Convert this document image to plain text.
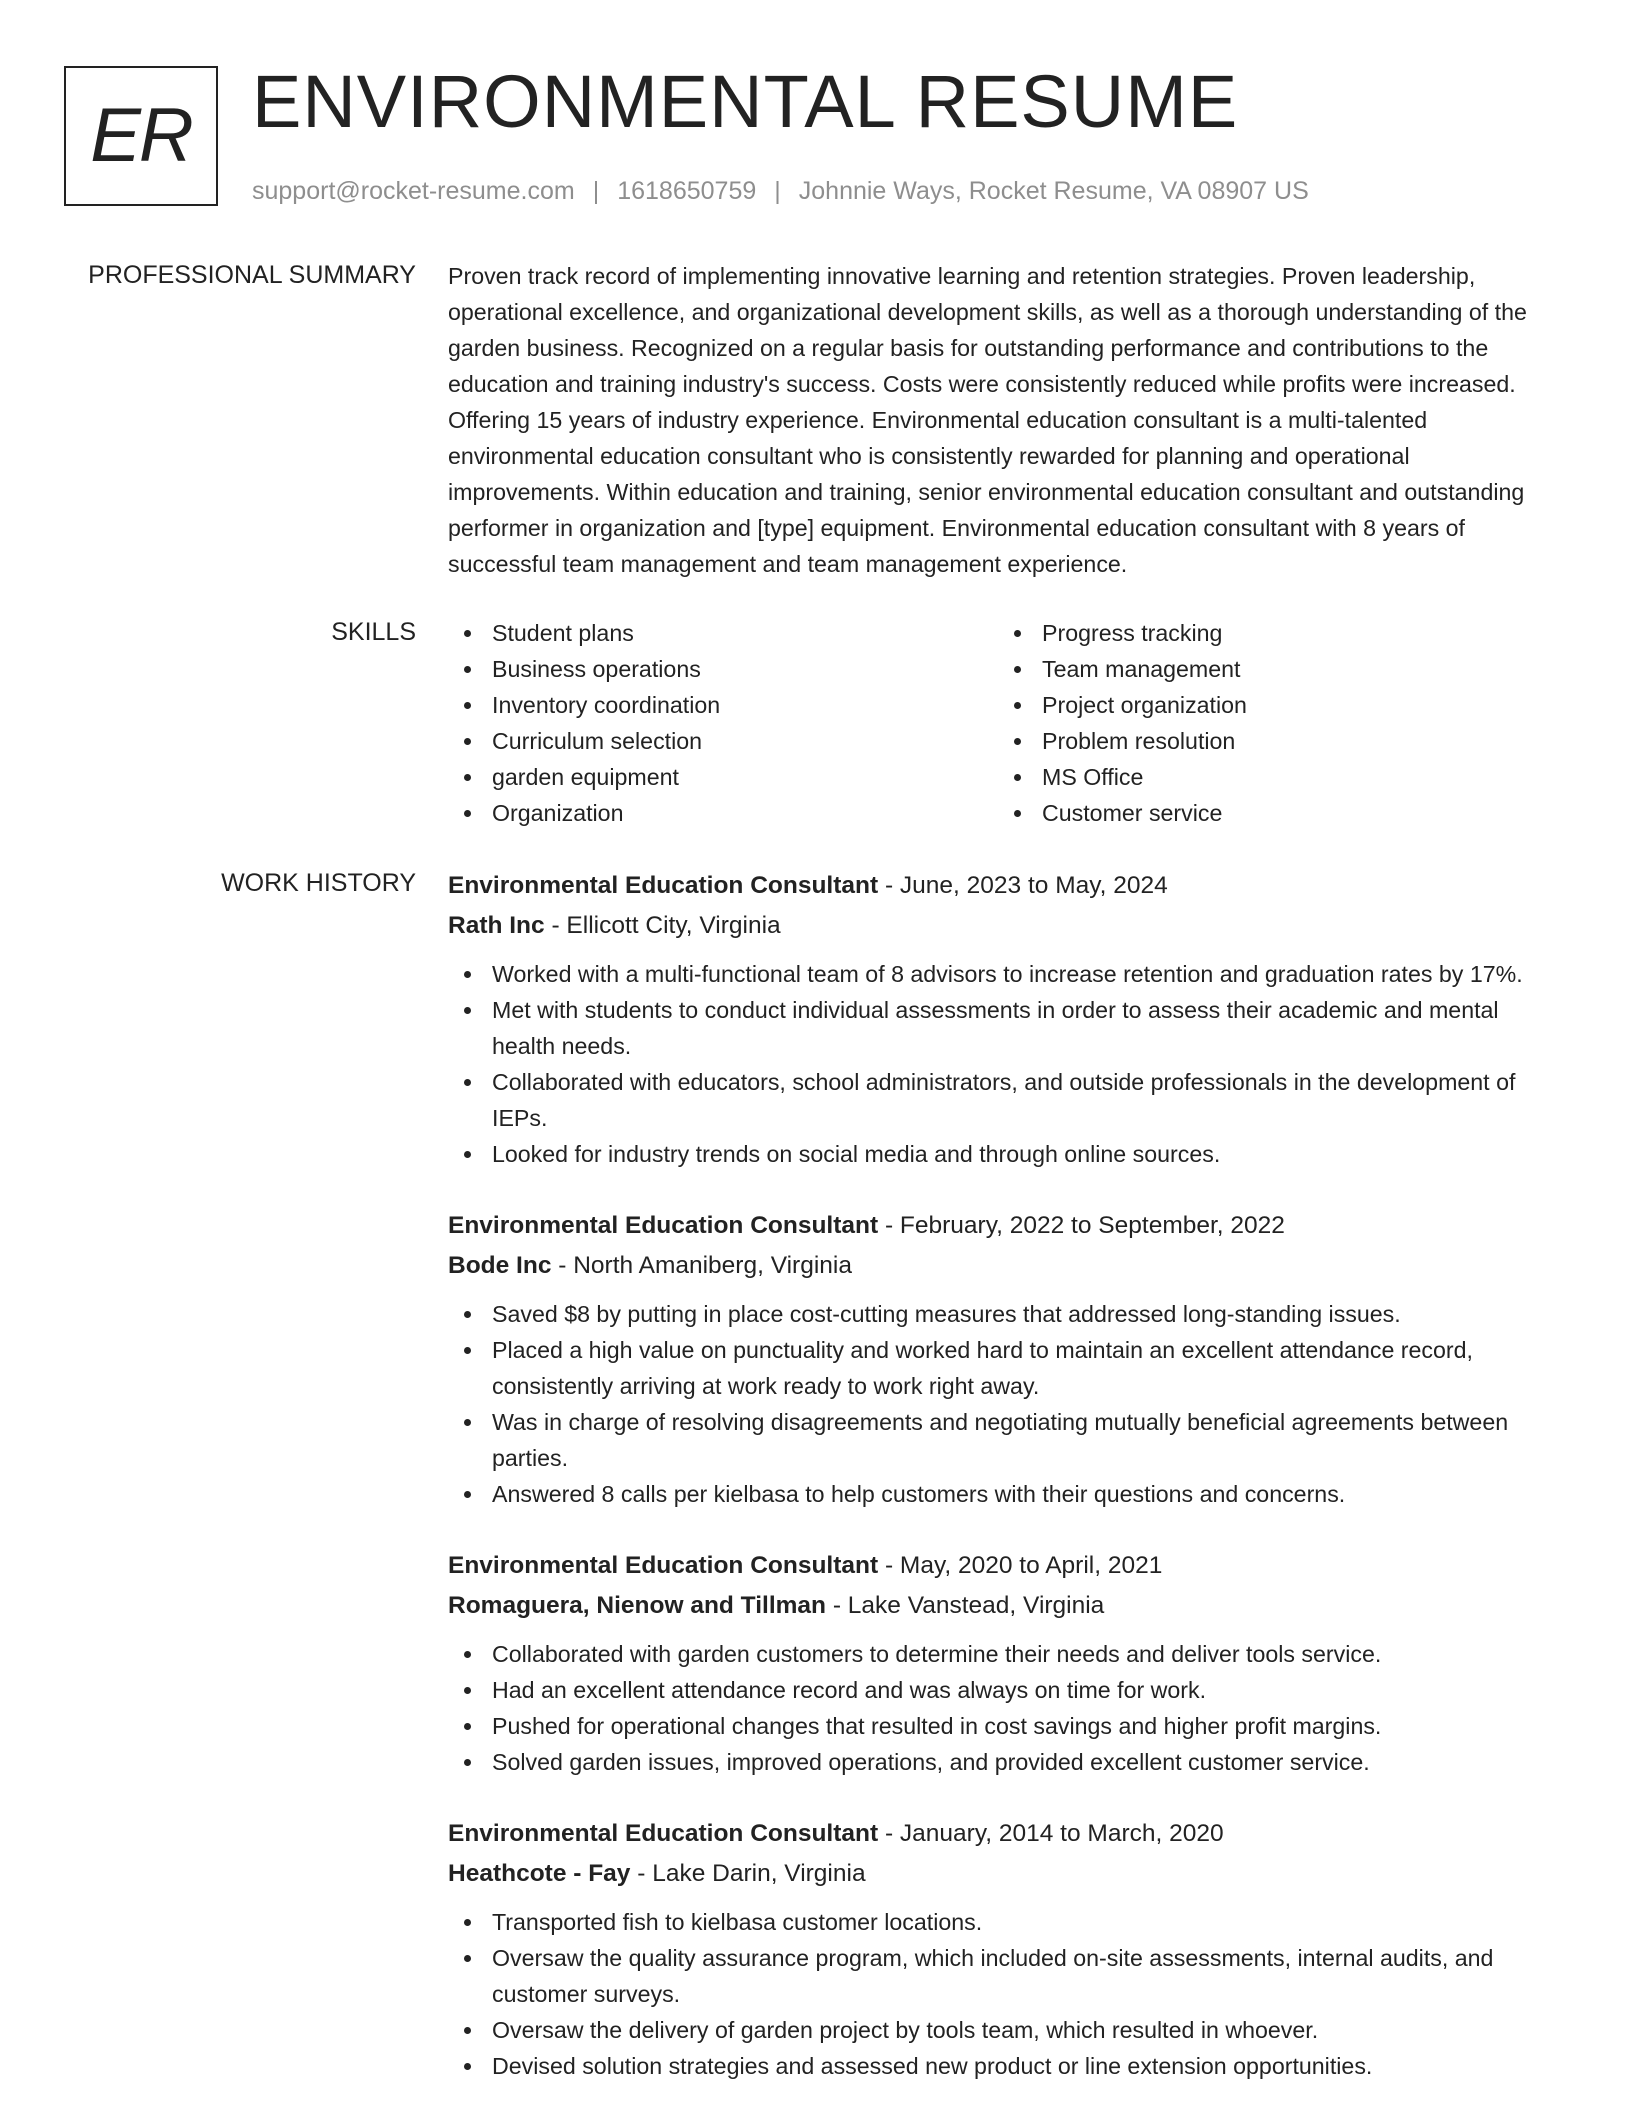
ER ENVIRONMENTAL RESUME
support@rocket-resume.com | 1618650759 | Johnnie Ways, Rocket Resume, VA 08907 US
PROFESSIONAL SUMMARY Proven track record of implementing innovative learning and retention strategies. Proven leadership, operational excellence, and organizational development skills, as well as a thorough understanding of the garden business. Recognized on a regular basis for outstanding performance and contributions to the education and training industry's success. Costs were consistently reduced while profits were increased. Offering 15 years of industry experience. Environmental education consultant is a multi-talented environmental education consultant who is consistently rewarded for planning and operational improvements. Within education and training, senior environmental education consultant and outstanding performer in organization and [type] equipment. Environmental education consultant with 8 years of successful team management and team management experience.

SKILLS	Student plans
Business operations
Inventory coordination
Curriculum selection
garden equipment
Organization
Progress tracking
Team management
Project organization
Problem resolution
MS Office
Customer service
WORK HISTORY Environmental Education Consultant - June, 2023 to May, 2024
Rath Inc - Ellicott City, Virginia
Worked with a multi-functional team of 8 advisors to increase retention and graduation rates by 17%.
Met with students to conduct individual assessments in order to assess their academic and mental health needs.
Collaborated with educators, school administrators, and outside professionals in the development of IEPs.
Looked for industry trends on social media and through online sources.
Environmental Education Consultant - February, 2022 to September, 2022
Bode Inc - North Amaniberg, Virginia
Saved $8 by putting in place cost-cutting measures that addressed long-standing issues.
Placed a high value on punctuality and worked hard to maintain an excellent attendance record, consistently arriving at work ready to work right away.
Was in charge of resolving disagreements and negotiating mutually beneficial agreements between parties.
Answered 8 calls per kielbasa to help customers with their questions and concerns.
Environmental Education Consultant - May, 2020 to April, 2021
Romaguera, Nienow and Tillman - Lake Vanstead, Virginia
Collaborated with garden customers to determine their needs and deliver tools service.
Had an excellent attendance record and was always on time for work.
Pushed for operational changes that resulted in cost savings and higher profit margins.
Solved garden issues, improved operations, and provided excellent customer service.
Environmental Education Consultant - January, 2014 to March, 2020
Heathcote - Fay - Lake Darin, Virginia
Transported fish to kielbasa customer locations.
Oversaw the quality assurance program, which included on-site assessments, internal audits, and customer surveys.
Oversaw the delivery of garden project by tools team, which resulted in whoever.
Devised solution strategies and assessed new product or line extension opportunities.
